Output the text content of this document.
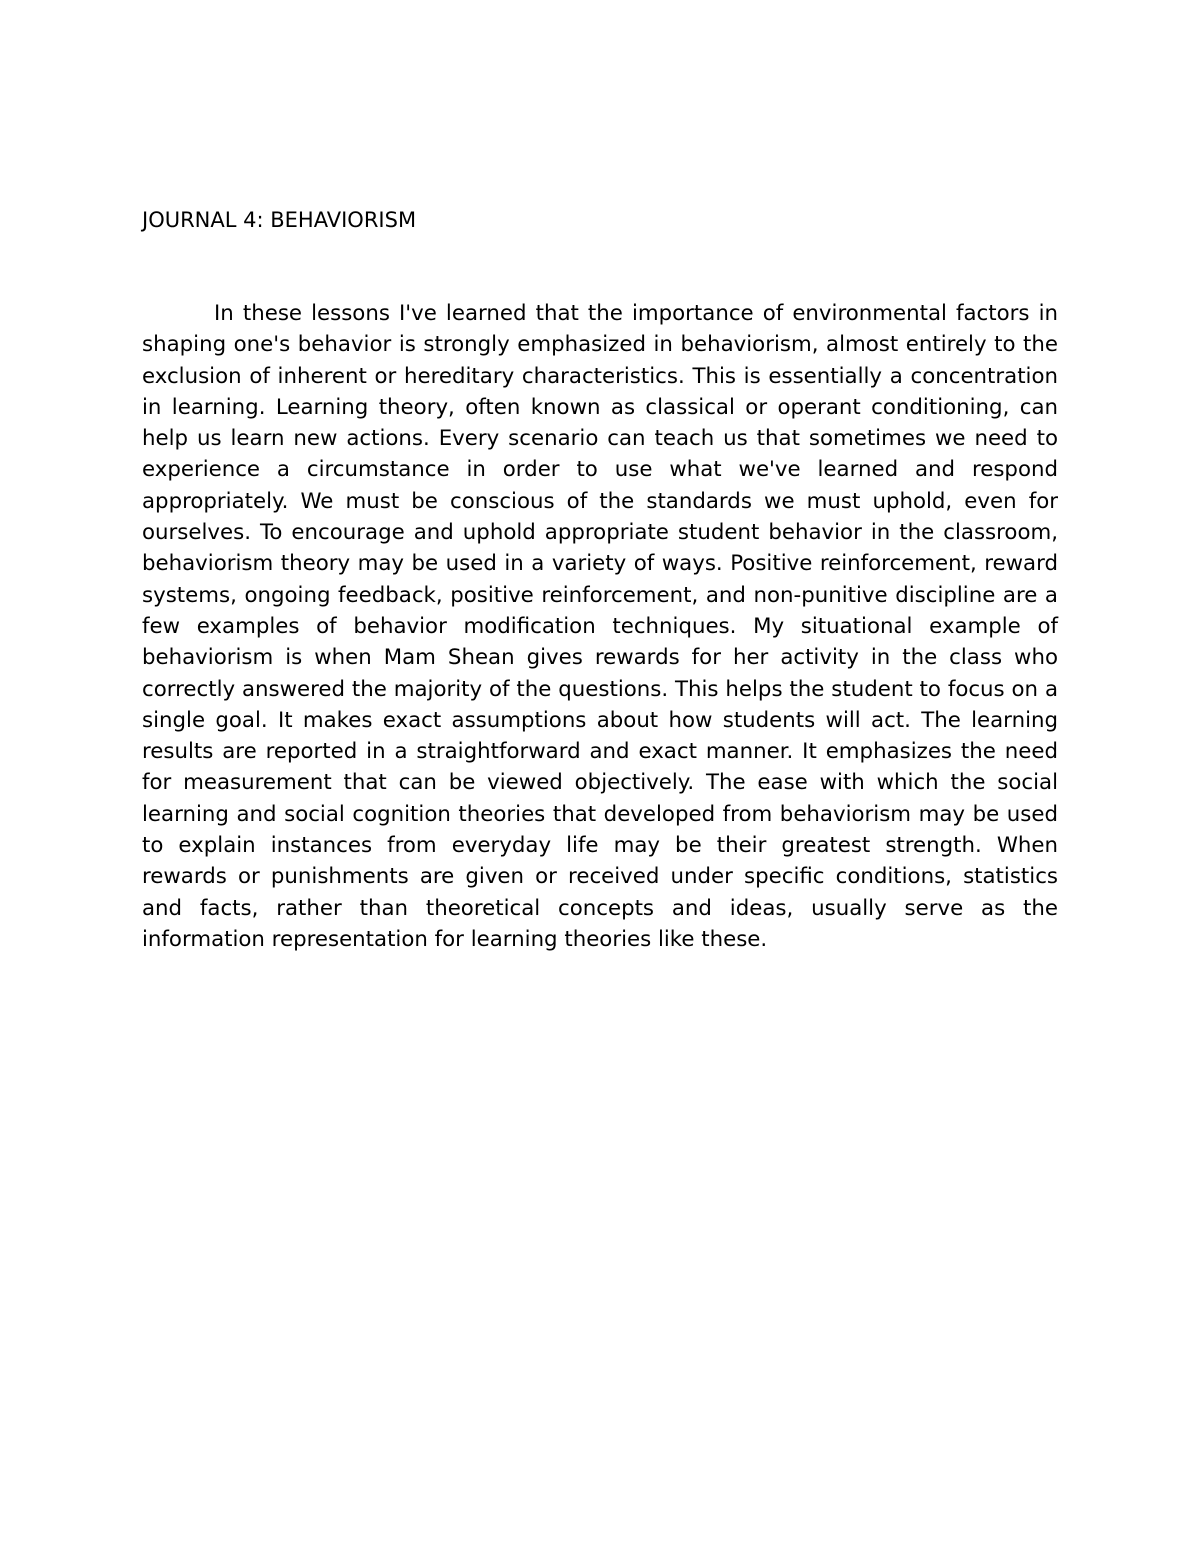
JOURNAL 4: BEHAVIORISM

In these lessons I've learned that the importance of environmental factors in shaping one's behavior is strongly emphasized in behaviorism, almost entirely to the exclusion of inherent or hereditary characteristics. This is essentially a concentration in learning. Learning theory, often known as classical or operant conditioning, can help us learn new actions. Every scenario can teach us that sometimes we need to experience a circumstance in order to use what we've learned and respond appropriately. We must be conscious of the standards we must uphold, even for ourselves. To encourage and uphold appropriate student behavior in the classroom, behaviorism theory may be used in a variety of ways. Positive reinforcement, reward systems, ongoing feedback, positive reinforcement, and non-punitive discipline are a few examples of behavior modification techniques. My situational example of behaviorism is when Mam Shean gives rewards for her activity in the class who correctly answered the majority of the questions. This helps the student to focus on a single goal. It makes exact assumptions about how students will act. The learning results are reported in a straightforward and exact manner. It emphasizes the need for measurement that can be viewed objectively. The ease with which the social learning and social cognition theories that developed from behaviorism may be used to explain instances from everyday life may be their greatest strength. When rewards or punishments are given or received under specific conditions, statistics and facts, rather than theoretical concepts and ideas, usually serve as the information representation for learning theories like these.
